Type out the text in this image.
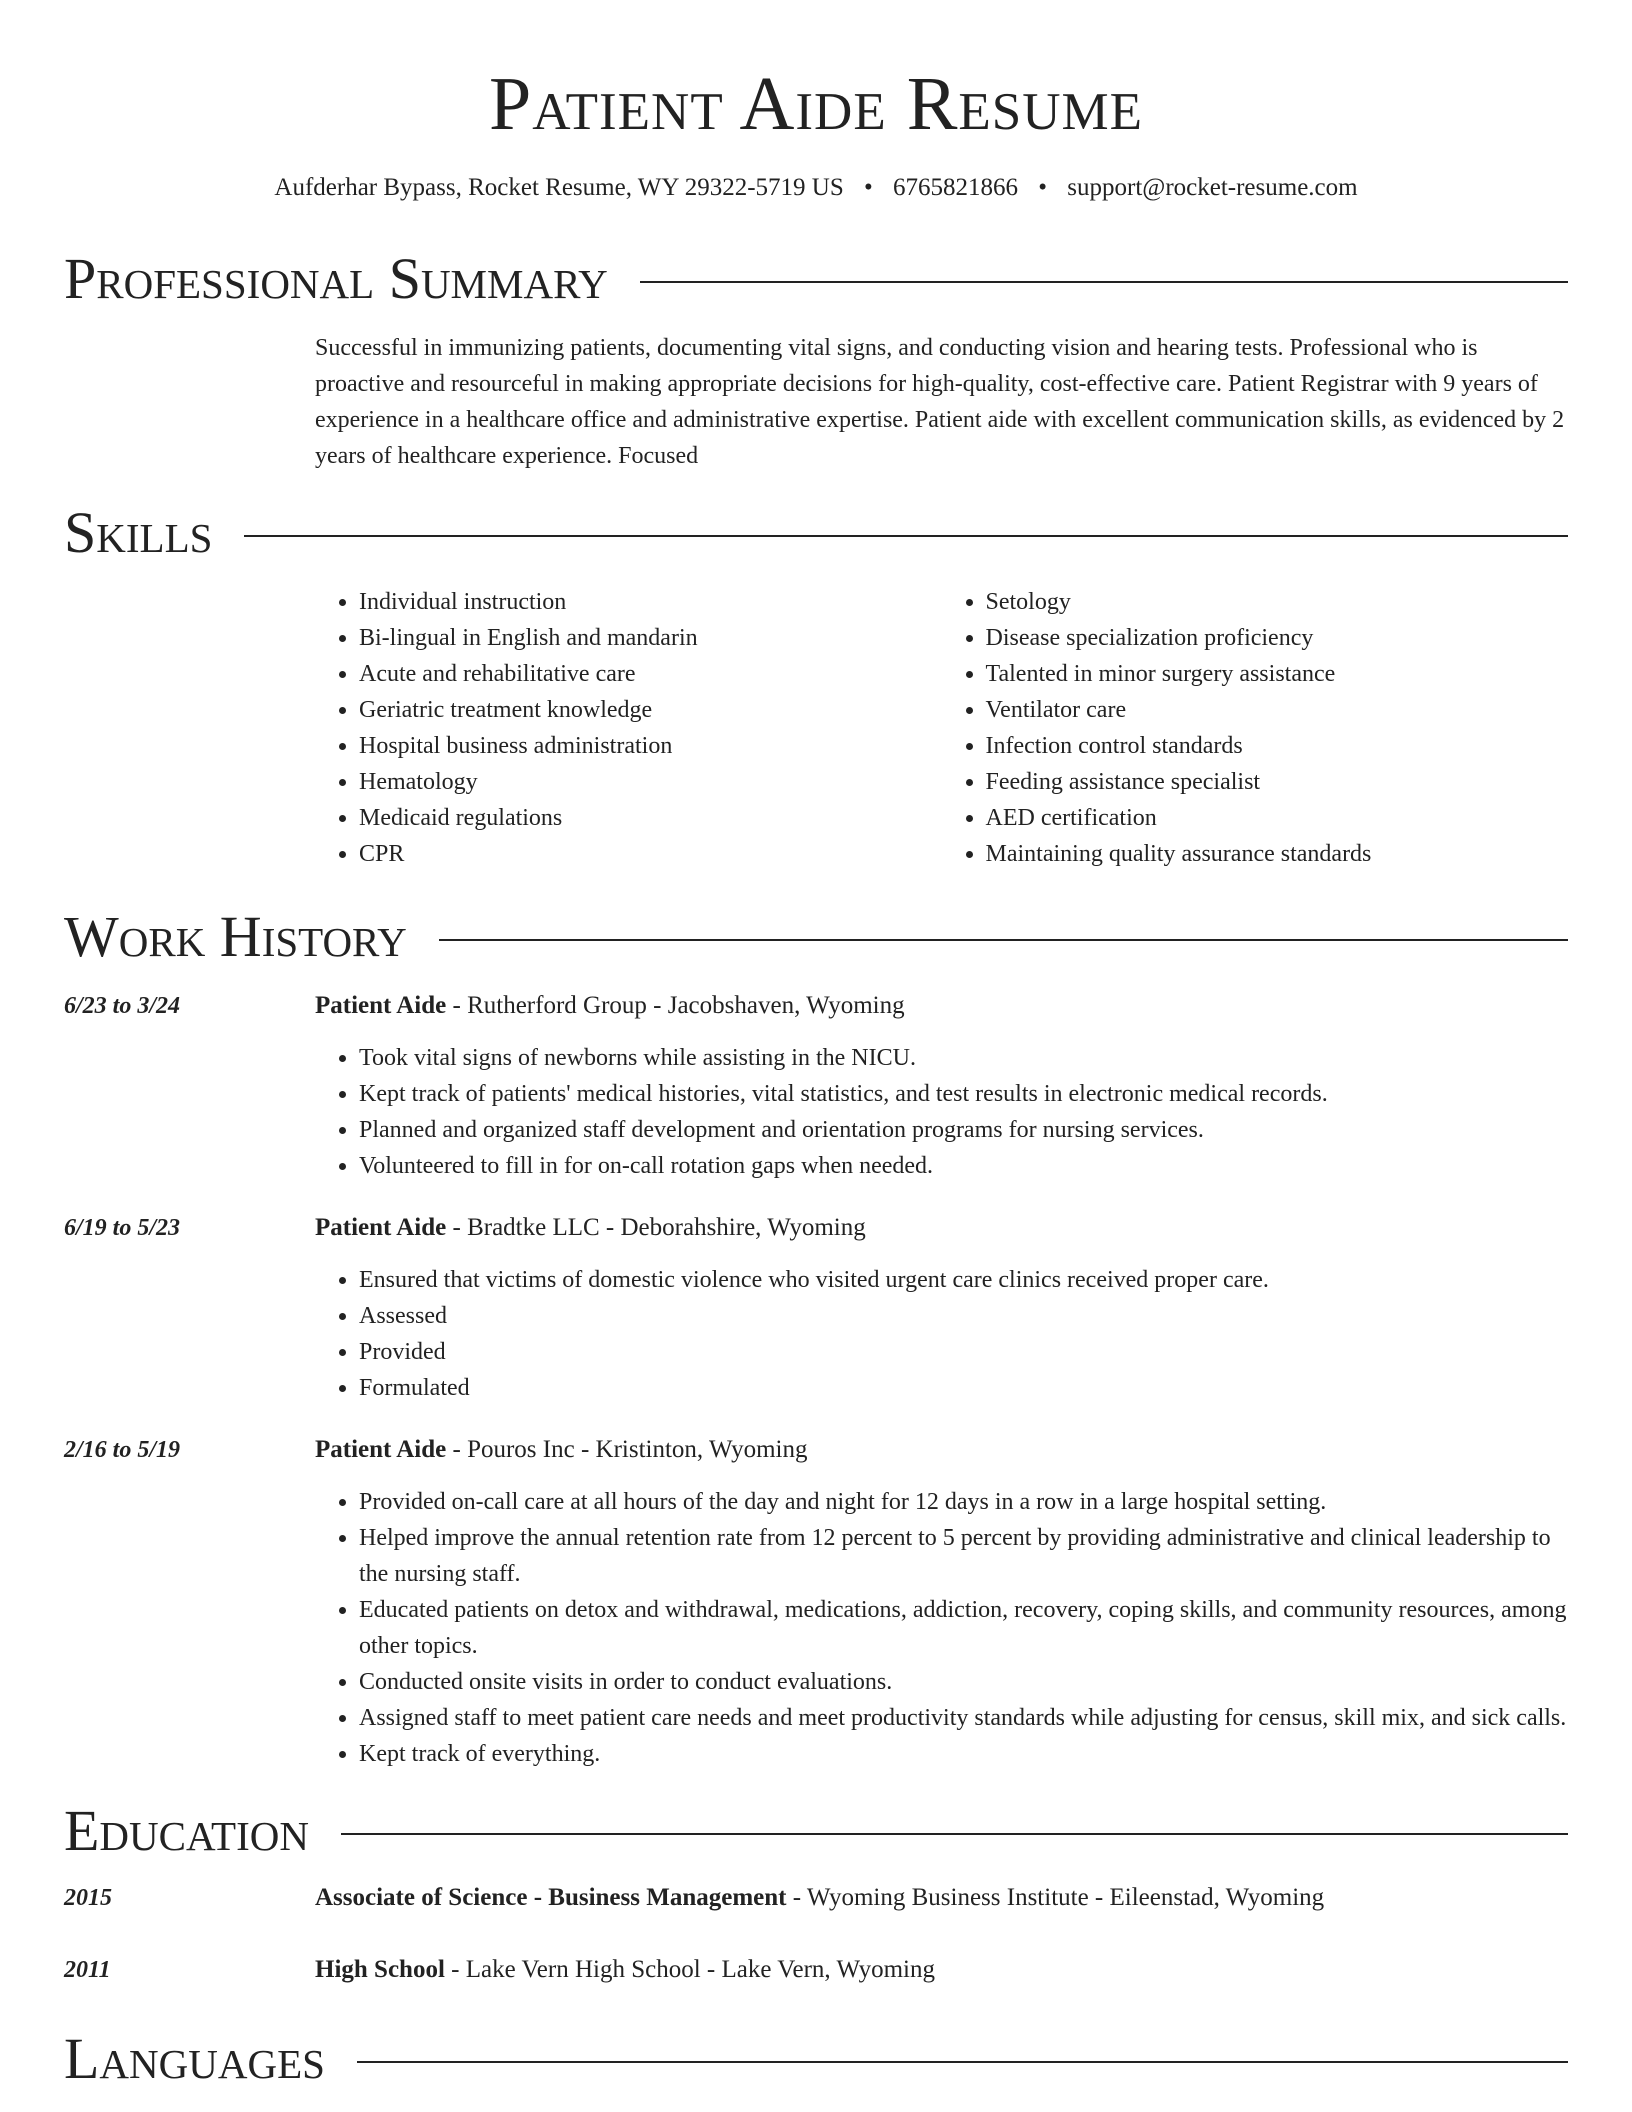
Patient Aide Resume
Aufderhar Bypass, Rocket Resume, WY 29322-5719 US • 6765821866 • support@rocket-resume.com
Professional Summary
Successful in immunizing patients, documenting vital signs, and conducting vision and hearing tests. Professional who is proactive and resourceful in making appropriate decisions for high-quality, cost-effective care. Patient Registrar with 9 years of experience in a healthcare office and administrative expertise. Patient aide with excellent communication skills, as evidenced by 2 years of healthcare experience. Focused
Skills
• Individual instruction
• Bi-lingual in English and mandarin
• Acute and rehabilitative care
• Geriatric treatment knowledge
• Hospital business administration
• Hematology
• Medicaid regulations
• CPR
• Setology
• Disease specialization proficiency
• Talented in minor surgery assistance
• Ventilator care
• Infection control standards
• Feeding assistance specialist
• AED certification
• Maintaining quality assurance standards
Work History
6/23 to 3/24	Patient Aide - Rutherford Group - Jacobshaven, Wyoming
• Took vital signs of newborns while assisting in the NICU.
• Kept track of patients' medical histories, vital statistics, and test results in electronic medical records.
• Planned and organized staff development and orientation programs for nursing services.
• Volunteered to fill in for on-call rotation gaps when needed.
6/19 to 5/23	Patient Aide - Bradtke LLC - Deborahshire, Wyoming
• Ensured that victims of domestic violence who visited urgent care clinics received proper care.
• Assessed
• Provided
• Formulated
2/16 to 5/19	Patient Aide - Pouros Inc - Kristinton, Wyoming
• Provided on-call care at all hours of the day and night for 12 days in a row in a large hospital setting.
• Helped improve the annual retention rate from 12 percent to 5 percent by providing administrative and clinical leadership to the nursing staff.
• Educated patients on detox and withdrawal, medications, addiction, recovery, coping skills, and community resources, among other topics.
• Conducted onsite visits in order to conduct evaluations.
• Assigned staff to meet patient care needs and meet productivity standards while adjusting for census, skill mix, and sick calls.
• Kept track of everything.
Education
2015	Associate of Science - Business Management - Wyoming Business Institute - Eileenstad, Wyoming
2011	High School - Lake Vern High School - Lake Vern, Wyoming
Languages
